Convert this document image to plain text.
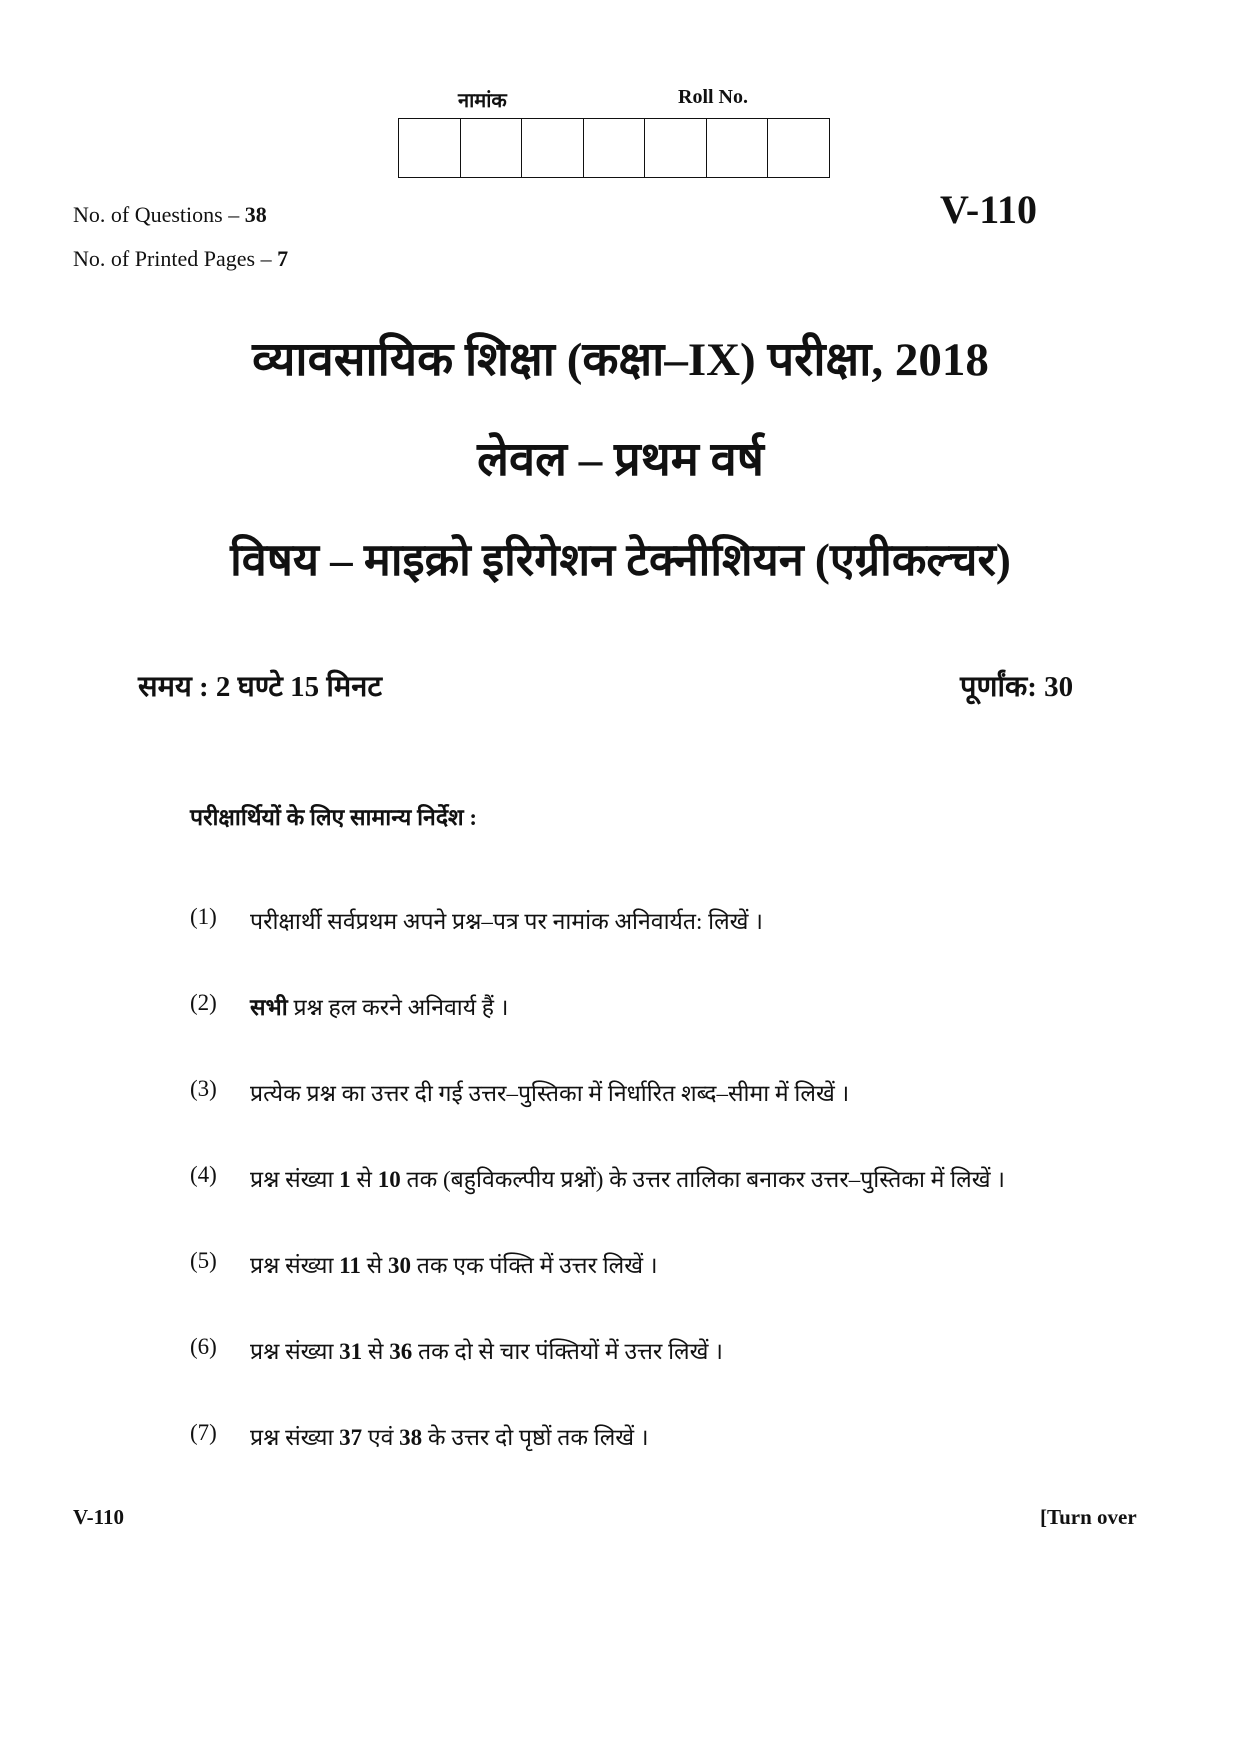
नामांक	Roll No.
No. of Questions – 38
No. of Printed Pages – 7
V-110
व्यावसायिक शिक्षा (कक्षा–IX) परीक्षा, 2018
लेवल – प्रथम वर्ष
विषय – माइक्रो इरिगेशन टेक्नीशियन (एग्रीकल्चर)
समय : 2 घण्टे 15 मिनट	पूर्णांक: 30
परीक्षार्थियों के लिए सामान्य निर्देश :
(1)	परीक्षार्थी सर्वप्रथम अपने प्रश्न–पत्र पर नामांक अनिवार्यत: लिखें ।
(2)	सभी प्रश्न हल करने अनिवार्य हैं ।
(3)	प्रत्येक प्रश्न का उत्तर दी गई उत्तर–पुस्तिका में निर्धारित शब्द–सीमा में लिखें ।
(4)	प्रश्न संख्या 1 से 10 तक (बहुविकल्पीय प्रश्नों) के उत्तर तालिका बनाकर उत्तर–पुस्तिका में लिखें ।
(5)	प्रश्न संख्या 11 से 30 तक एक पंक्ति में उत्तर लिखें ।
(6)	प्रश्न संख्या 31 से 36 तक दो से चार पंक्तियों में उत्तर लिखें ।
(7)	प्रश्न संख्या 37 एवं 38 के उत्तर दो पृष्ठों तक लिखें ।
V-110	[Turn over
